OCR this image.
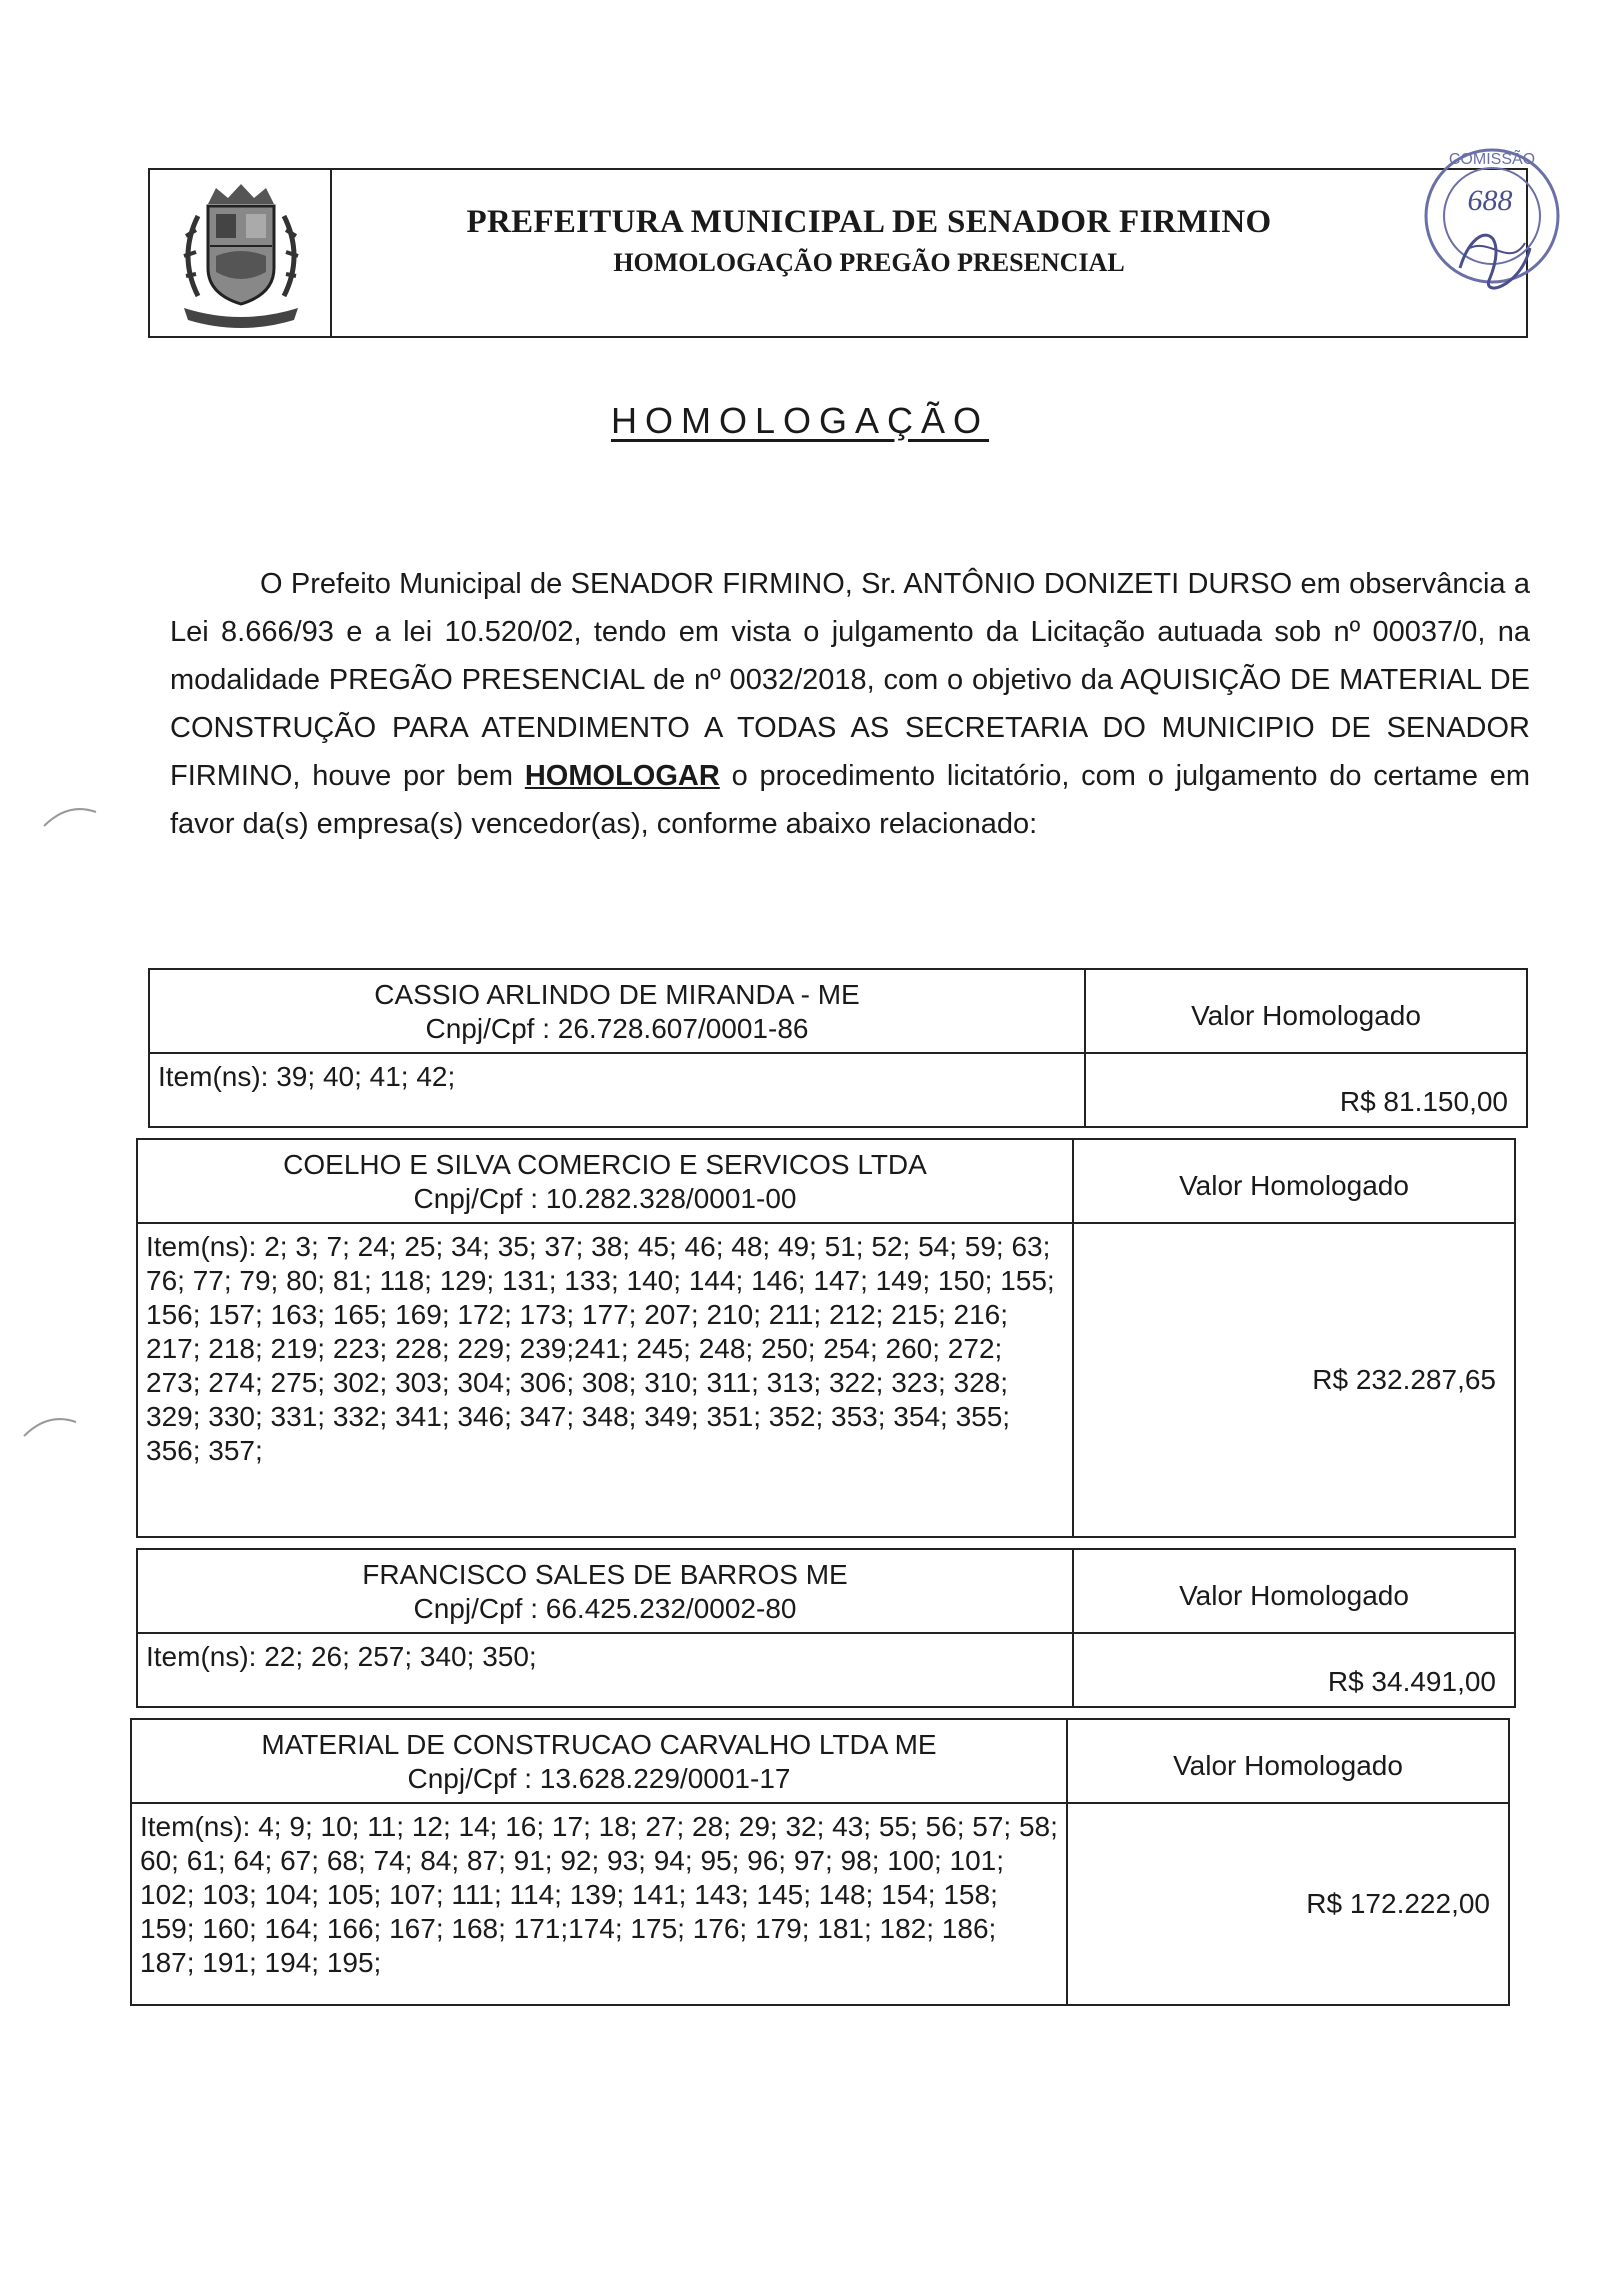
PREFEITURA MUNICIPAL DE SENADOR FIRMINO
HOMOLOGAÇÃO PREGÃO PRESENCIAL
COMISSÃO
688
HOMOLOGAÇÃO
O Prefeito Municipal de SENADOR FIRMINO, Sr. ANTÔNIO DONIZETI DURSO em observância a Lei 8.666/93 e a lei 10.520/02, tendo em vista o julgamento da Licitação autuada sob nº 00037/0, na modalidade PREGÃO PRESENCIAL de nº 0032/2018, com o objetivo da AQUISIÇÃO DE MATERIAL DE CONSTRUÇÃO PARA ATENDIMENTO A TODAS AS SECRETARIA DO MUNICIPIO DE SENADOR FIRMINO, houve por bem HOMOLOGAR o procedimento licitatório, com o julgamento do certame em favor da(s) empresa(s) vencedor(as), conforme abaixo relacionado:
CASSIO ARLINDO DE MIRANDA - ME
Cnpj/Cpf : 26.728.607/0001-86
Item(ns): 39; 40; 41; 42;
Valor Homologado
R$ 81.150,00
COELHO E SILVA COMERCIO E SERVICOS LTDA
Cnpj/Cpf : 10.282.328/0001-00
Item(ns): 2; 3; 7; 24; 25; 34; 35; 37; 38; 45; 46; 48; 49; 51; 52; 54; 59; 63; 76; 77; 79; 80; 81; 118; 129; 131; 133; 140; 144; 146; 147; 149; 150; 155; 156; 157; 163; 165; 169; 172; 173; 177; 207; 210; 211; 212; 215; 216; 217; 218; 219; 223; 228; 229; 239;241; 245; 248; 250; 254; 260; 272; 273; 274; 275; 302; 303; 304; 306; 308; 310; 311; 313; 322; 323; 328; 329; 330; 331; 332; 341; 346; 347; 348; 349; 351; 352; 353; 354; 355; 356; 357;
Valor Homologado
R$ 232.287,65
FRANCISCO SALES DE BARROS ME
Cnpj/Cpf : 66.425.232/0002-80
Item(ns): 22; 26; 257; 340; 350;
Valor Homologado
R$ 34.491,00
MATERIAL DE CONSTRUCAO CARVALHO LTDA ME
Cnpj/Cpf : 13.628.229/0001-17
Item(ns): 4; 9; 10; 11; 12; 14; 16; 17; 18; 27; 28; 29; 32; 43; 55; 56; 57; 58; 60; 61; 64; 67; 68; 74; 84; 87; 91; 92; 93; 94; 95; 96; 97; 98; 100; 101; 102; 103; 104; 105; 107; 111; 114; 139; 141; 143; 145; 148; 154; 158; 159; 160; 164; 166; 167; 168; 171;174; 175; 176; 179; 181; 182; 186; 187; 191; 194; 195;
Valor Homologado
R$ 172.222,00
